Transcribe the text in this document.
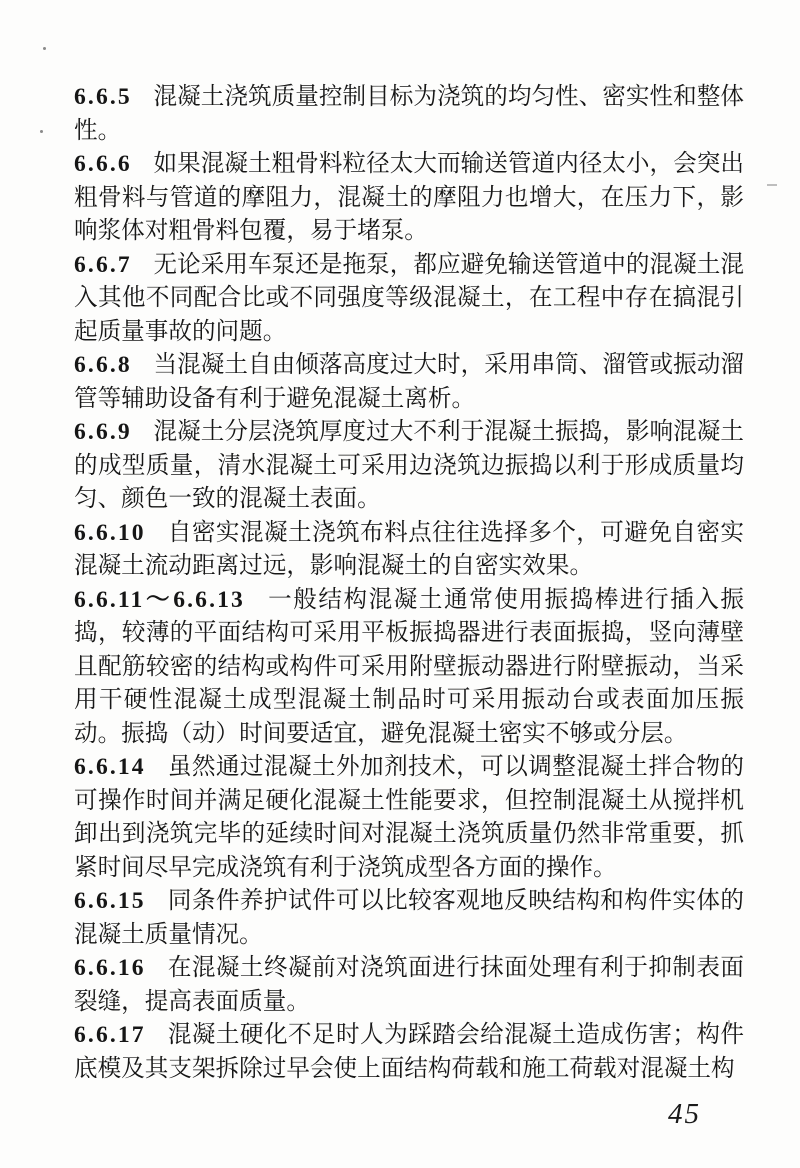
6.6.5 混凝土浇筑质量控制目标为浇筑的均匀性、密实性和整体性。

6.6.6 如果混凝土粗骨料粒径太大而输送管道内径太小，会突出粗骨料与管道的摩阻力，混凝土的摩阻力也增大，在压力下，影响浆体对粗骨料包覆，易于堵泵。

6.6.7 无论采用车泵还是拖泵，都应避免输送管道中的混凝土混入其他不同配合比或不同强度等级混凝土，在工程中存在搞混引起质量事故的问题。

6.6.8 当混凝土自由倾落高度过大时，采用串筒、溜管或振动溜管等辅助设备有利于避免混凝土离析。

6.6.9 混凝土分层浇筑厚度过大不利于混凝土振捣，影响混凝土的成型质量，清水混凝土可采用边浇筑边振捣以利于形成质量均匀、颜色一致的混凝土表面。

6.6.10 自密实混凝土浇筑布料点往往选择多个，可避免自密实混凝土流动距离过远，影响混凝土的自密实效果。

6.6.11～6.6.13 一般结构混凝土通常使用振捣棒进行插入振捣，较薄的平面结构可采用平板振捣器进行表面振捣，竖向薄壁且配筋较密的结构或构件可采用附壁振动器进行附壁振动，当采用干硬性混凝土成型混凝土制品时可采用振动台或表面加压振动。振捣（动）时间要适宜，避免混凝土密实不够或分层。

6.6.14 虽然通过混凝土外加剂技术，可以调整混凝土拌合物的可操作时间并满足硬化混凝土性能要求，但控制混凝土从搅拌机卸出到浇筑完毕的延续时间对混凝土浇筑质量仍然非常重要，抓紧时间尽早完成浇筑有利于浇筑成型各方面的操作。

6.6.15 同条件养护试件可以比较客观地反映结构和构件实体的混凝土质量情况。

6.6.16 在混凝土终凝前对浇筑面进行抹面处理有利于抑制表面裂缝，提高表面质量。

6.6.17 混凝土硬化不足时人为踩踏会给混凝土造成伤害；构件底模及其支架拆除过早会使上面结构荷载和施工荷载对混凝土构

45
